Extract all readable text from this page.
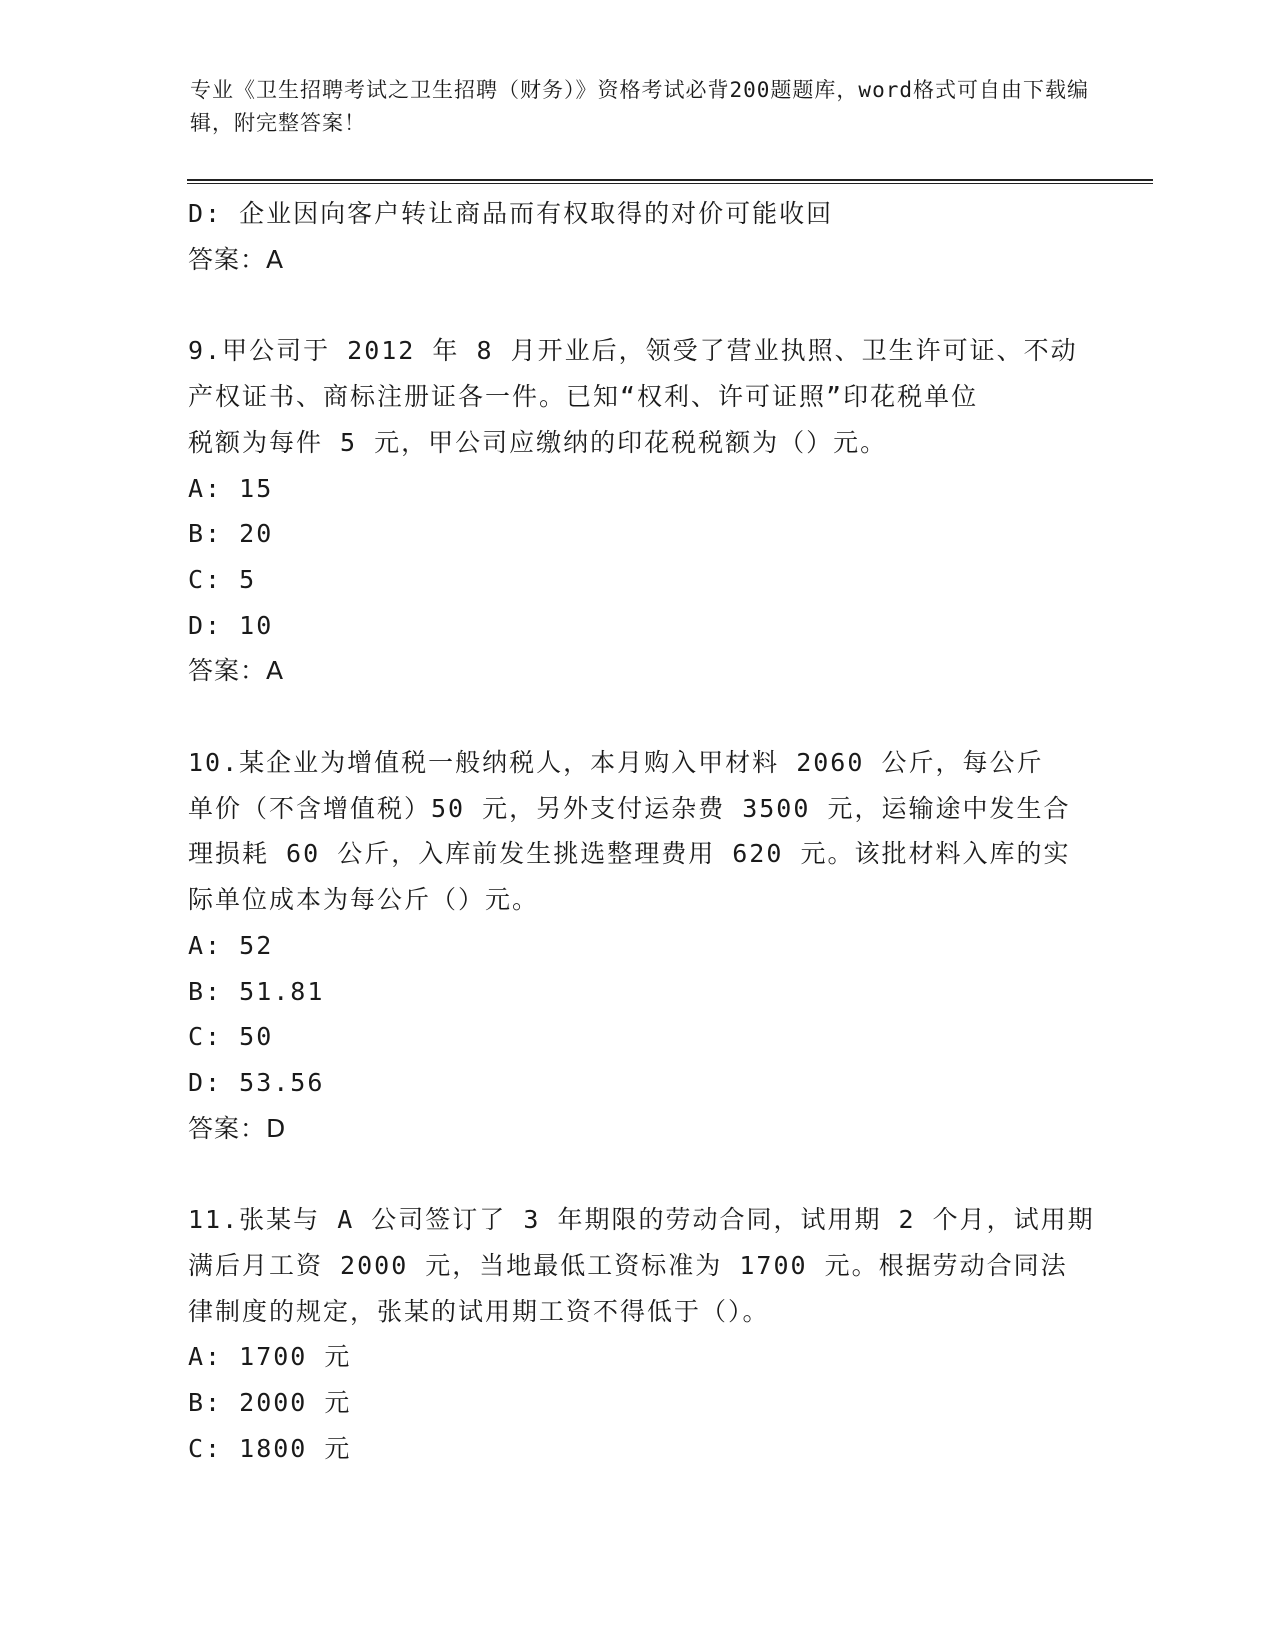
专业《卫生招聘考试之卫生招聘（财务）》资格考试必背200题题库，word格式可自由下载编辑，附完整答案！
D: 企业因向客户转让商品而有权取得的对价可能收回
答案：A
9.甲公司于 2012 年 8 月开业后，领受了营业执照、卫生许可证、不动
产权证书、商标注册证各一件。已知“权利、许可证照”印花税单位
税额为每件 5 元，甲公司应缴纳的印花税税额为（）元。
A: 15
B: 20
C: 5
D: 10
答案：A
10.某企业为增值税一般纳税人，本月购入甲材料 2060 公斤，每公斤
单价（不含增值税）50 元，另外支付运杂费 3500 元，运输途中发生合
理损耗 60 公斤，入库前发生挑选整理费用 620 元。该批材料入库的实
际单位成本为每公斤（）元。
A: 52
B: 51.81
C: 50
D: 53.56
答案：D
11.张某与 A 公司签订了 3 年期限的劳动合同，试用期 2 个月，试用期
满后月工资 2000 元，当地最低工资标准为 1700 元。根据劳动合同法
律制度的规定，张某的试用期工资不得低于（）。
A: 1700 元
B: 2000 元
C: 1800 元
